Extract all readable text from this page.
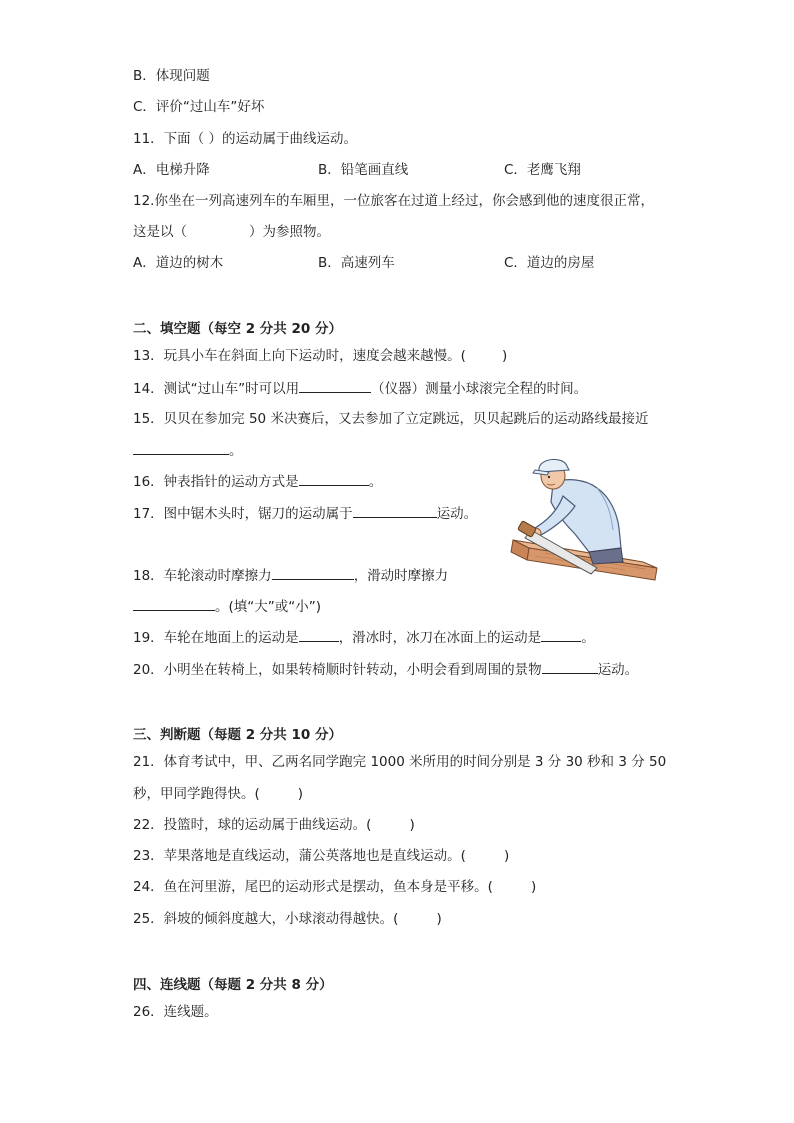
B．体现问题
C．评价“过山车”好坏
11．下面（ ）的运动属于曲线运动。
A．电梯升降	B．铅笔画直线	C．老鹰飞翔
12.你坐在一列高速列车的车厢里，一位旅客在过道上经过，你会感到他的速度很正常，
这是以（	）为参照物。
A．道边的树木	B．高速列车	C．道边的房屋
二、填空题（每空 2 分共 20 分）
13．玩具小车在斜面上向下运动时，速度会越来越慢。(	)
14．测试“过山车”时可以用	（仪器）测量小球滚完全程的时间。
15．贝贝在参加完 50 米决赛后，又去参加了立定跳远，贝贝起跳后的运动路线最接近
。
16．钟表指针的运动方式是	。
17．图中锯木头时，锯刀的运动属于	运动。
18．车轮滚动时摩擦力	，滑动时摩擦力
。(填“大”或“小”)
19．车轮在地面上的运动是	，滑冰时，冰刀在冰面上的运动是	。
20．小明坐在转椅上，如果转椅顺时针转动，小明会看到周围的景物	运动。
三、判断题（每题 2 分共 10 分）
21．体育考试中，甲、乙两名同学跑完 1000 米所用的时间分别是 3 分 30 秒和 3 分 50
秒，甲同学跑得快。(	)
22．投篮时，球的运动属于曲线运动。(	)
23．苹果落地是直线运动，蒲公英落地也是直线运动。(	)
24．鱼在河里游，尾巴的运动形式是摆动，鱼本身是平移。(	)
25．斜坡的倾斜度越大，小球滚动得越快。(	)
四、连线题（每题 2 分共 8 分）
26．连线题。
